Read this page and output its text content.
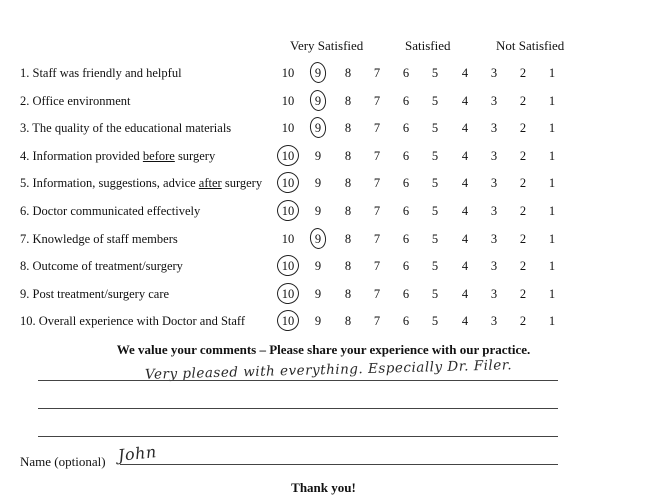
Very Satisfied	Satisfied	Not Satisfied
1. Staff was friendly and helpful	10	9	8	7	6	5	4	3	2	1
2. Office environment	10	9	8	7	6	5	4	3	2	1
3. The quality of the educational materials	10	9	8	7	6	5	4	3	2	1
4. Information provided before surgery	10	9	8	7	6	5	4	3	2	1
5. Information, suggestions, advice after surgery 10	9	8	7	6	5	4	3	2	1
6. Doctor communicated effectively	10	9	8	7	6	5	4	3	2	1
7. Knowledge of staff members	10	9	8	7	6	5	4	3	2	1
8. Outcome of treatment/surgery	10	9	8	7	6	5	4	3	2	1
9. Post treatment/surgery care	10	9	8	7	6	5	4	3	2	1
10. Overall experience with Doctor and Staff	10	9	8	7	6	5	4	3	2	1
We value your comments – Please share your experience with our practice.
Very pleased with everything. Especially Dr. Filer.
Name (optional) John
Thank you!
